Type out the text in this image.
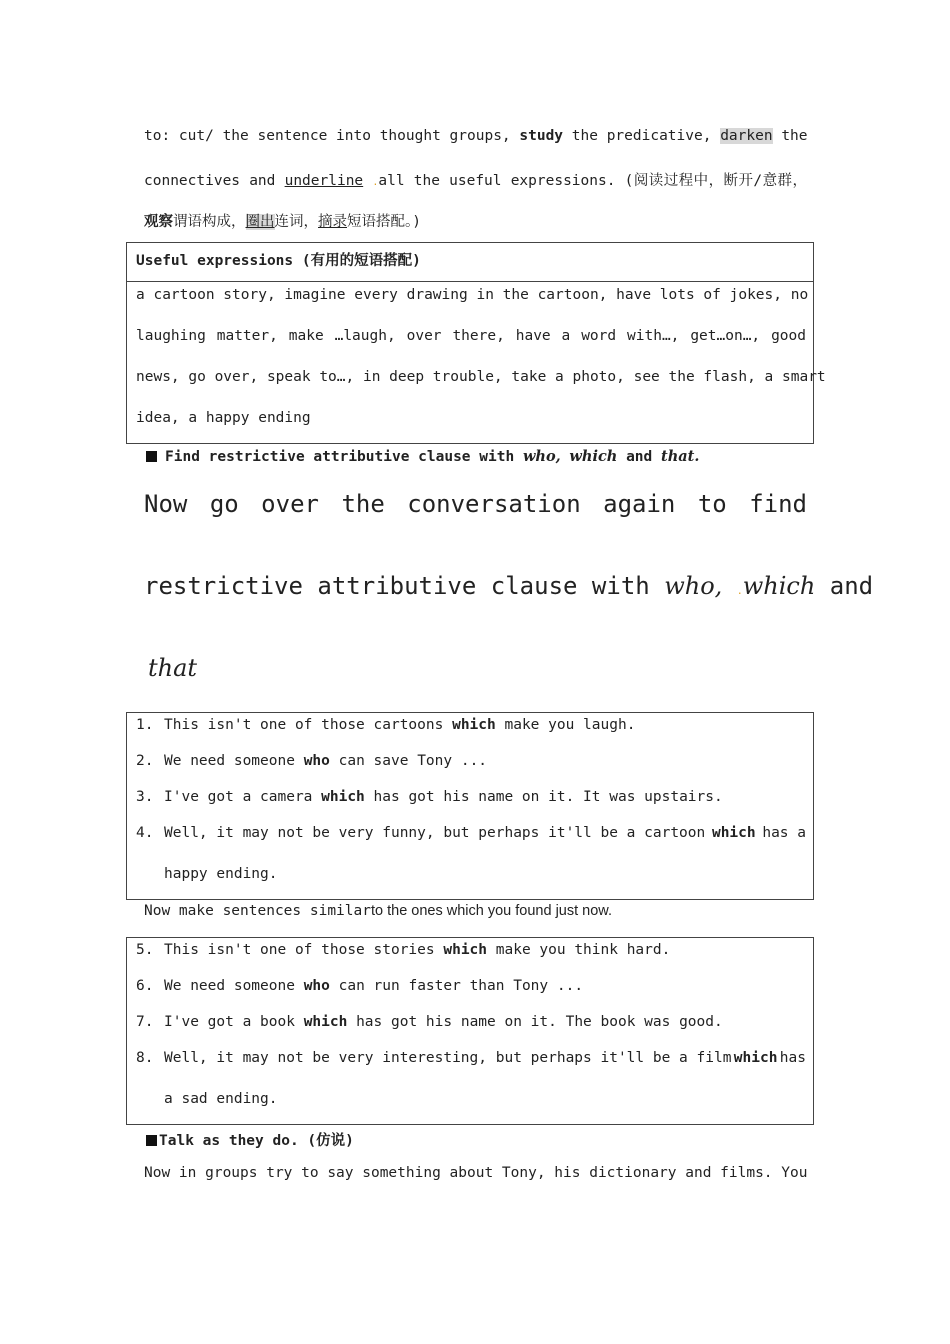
to: cut/ the sentence into thought groups, study the predicative, darken the
connectives and underline .all the useful expressions. (阅读过程中，断开/意群，
观察谓语构成，圈出连词，摘录短语搭配。)
Useful expressions (有用的短语搭配)
a cartoon story, imagine every drawing in the cartoon, have lots of jokes, no
laughing matter, make …laugh, over there, have a word with…, get…on…, good
news, go over, speak to…, in deep trouble, take a photo, see the flash, a smart
idea, a happy ending
Find restrictive attributive clause with who, which and that.
Now go over the conversation again to find
restrictive attributive clause with who, .which and
that
1. This isn't one of those cartoons which make you laugh.
2. We need someone who can save Tony ...
3. I've got a camera which has got his name on it. It was upstairs.
4. Well, it may not be very funny, but perhaps it'll be a cartoon which has a
happy ending.
Now make sentences similarto the ones which you found just now.
5. This isn't one of those stories which make you think hard.
6. We need someone who can run faster than Tony ...
7. I've got a book which has got his name on it. The book was good.
8. Well, it may not be very interesting, but perhaps it'll be a film which has
a sad ending.
Talk as they do. (仿说)
Now in groups try to say something about Tony, his dictionary and films. You
